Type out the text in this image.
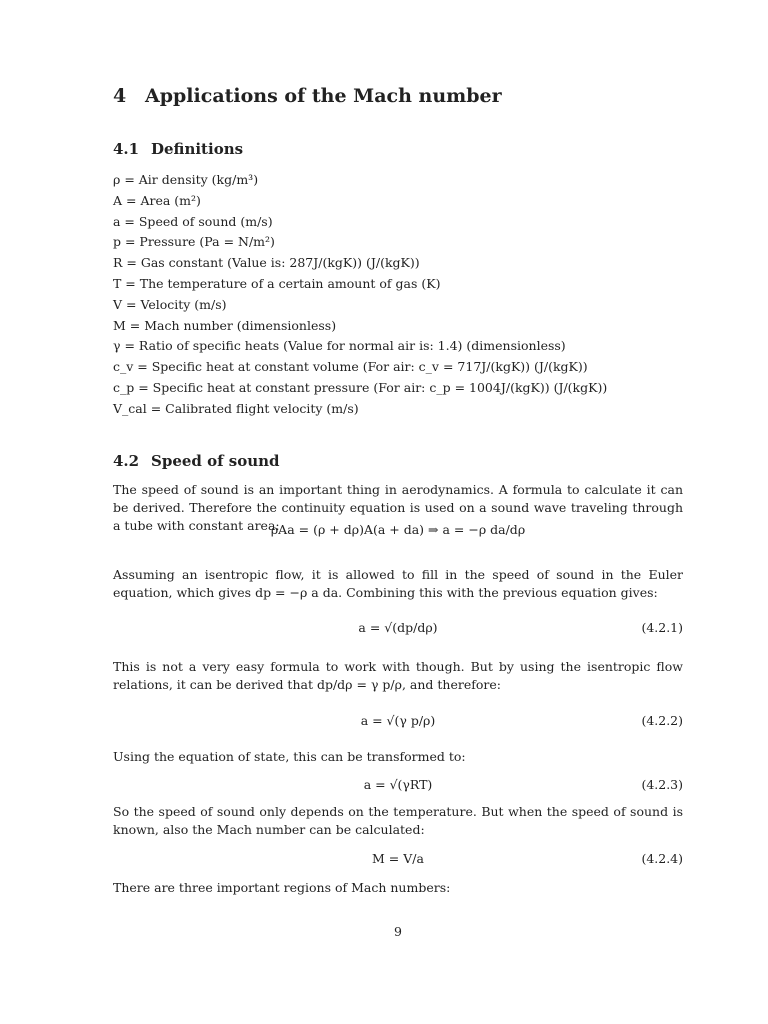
4 Applications of the Mach number
4.1 Definitions
ρ = Air density (kg/m³)
A = Area (m²)
a = Speed of sound (m/s)
p = Pressure (Pa = N/m²)
R = Gas constant (Value is: 287J/(kgK)) (J/(kgK))
T = The temperature of a certain amount of gas (K)
V = Velocity (m/s)
M = Mach number (dimensionless)
γ = Ratio of specific heats (Value for normal air is: 1.4) (dimensionless)
c_v = Specific heat at constant volume (For air: c_v = 717J/(kgK)) (J/(kgK))
c_p = Specific heat at constant pressure (For air: c_p = 1004J/(kgK)) (J/(kgK))
V_cal = Calibrated flight velocity (m/s)
4.2 Speed of sound
The speed of sound is an important thing in aerodynamics. A formula to calculate it can be derived. Therefore the continuity equation is used on a sound wave traveling through a tube with constant area:
ρAa = (ρ + dρ)A(a + da) ⇒ a = −ρ da/dρ
Assuming an isentropic flow, it is allowed to fill in the speed of sound in the Euler equation, which gives dp = −ρ a da. Combining this with the previous equation gives:
a = √(dp/dρ)	(4.2.1)
This is not a very easy formula to work with though. But by using the isentropic flow relations, it can be derived that dp/dρ = γ p/ρ, and therefore:
a = √(γ p/ρ)	(4.2.2)
Using the equation of state, this can be transformed to:
a = √(γRT)	(4.2.3)
So the speed of sound only depends on the temperature. But when the speed of sound is known, also the Mach number can be calculated:
M = V/a	(4.2.4)
There are three important regions of Mach numbers:
9
